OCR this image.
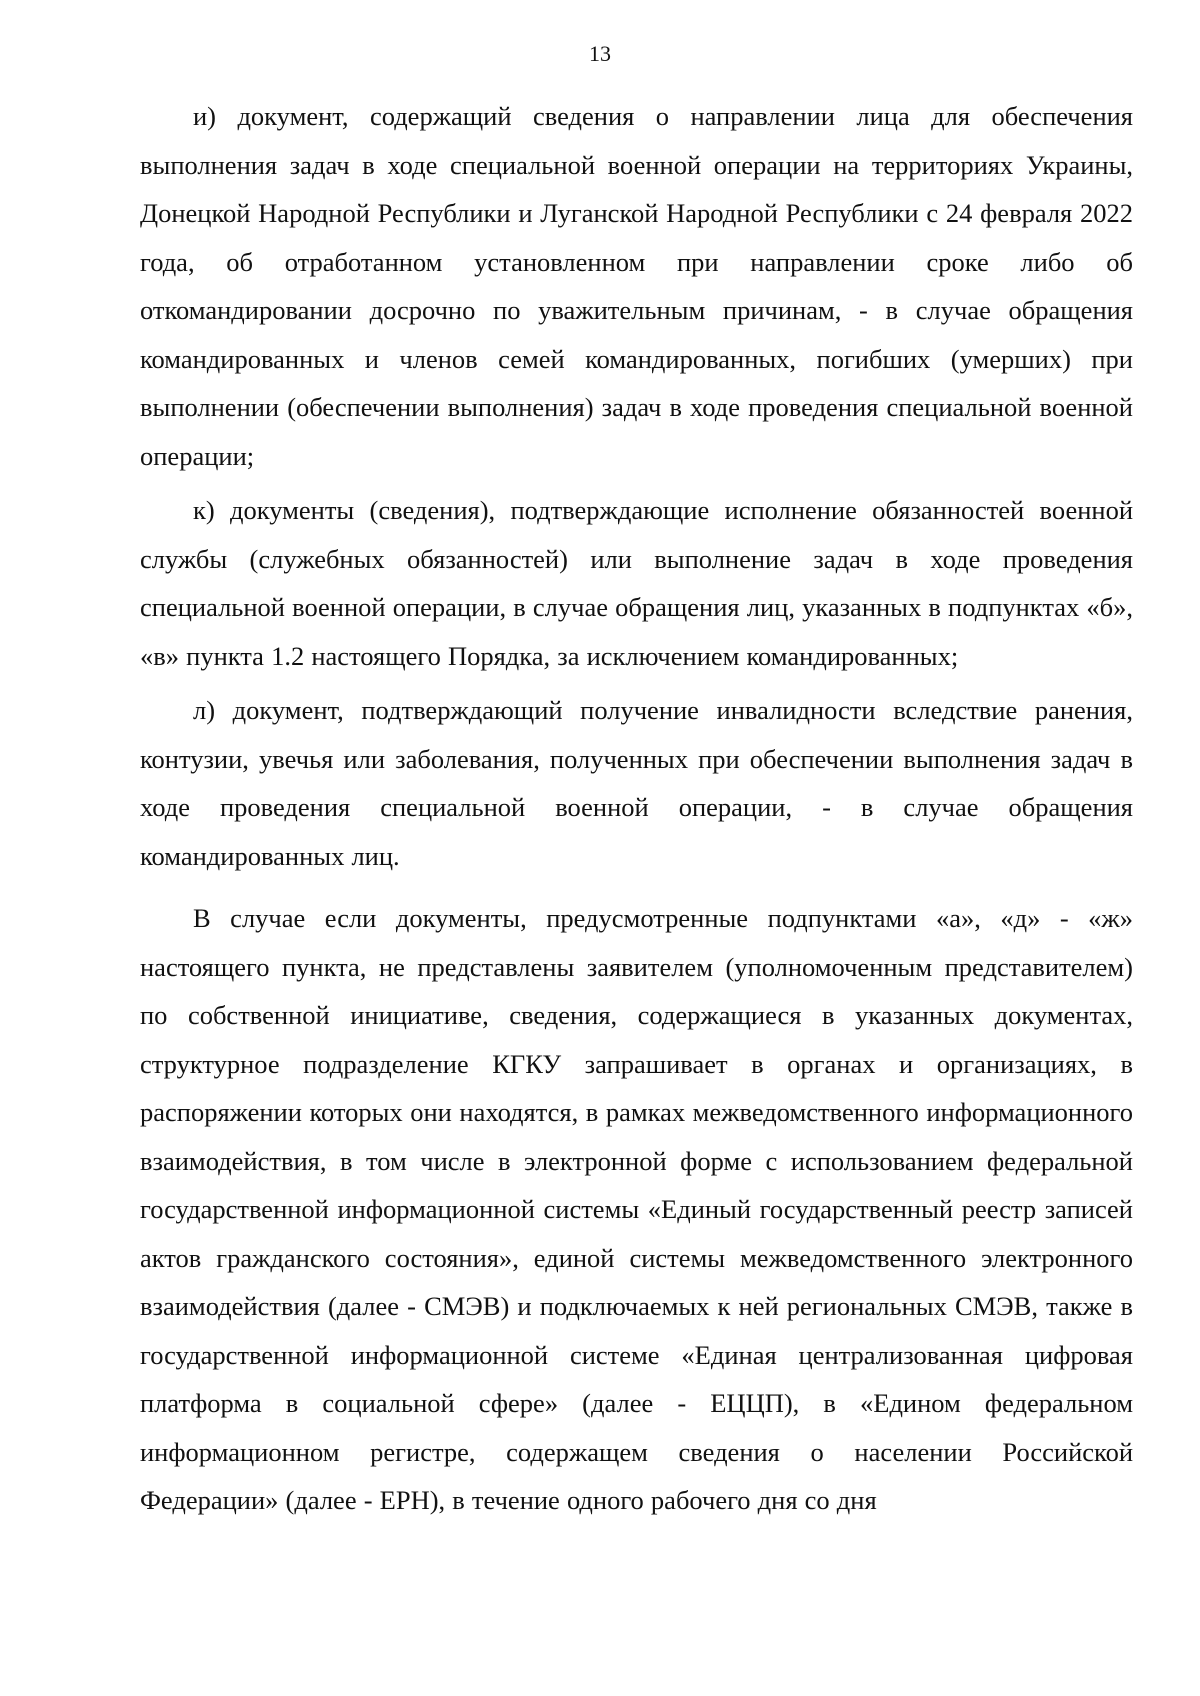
13

и) документ, содержащий сведения о направлении лица для обеспечения выполнения задач в ходе специальной военной операции на территориях Украины, Донецкой Народной Республики и Луганской Народной Республики с 24 февраля 2022 года, об отработанном установленном при направлении сроке либо об откомандировании досрочно по уважительным причинам, - в случае обращения командированных и членов семей командированных, погибших (умерших) при выполнении (обеспечении выполнения) задач в ходе проведения специальной военной операции;

к) документы (сведения), подтверждающие исполнение обязанностей военной службы (служебных обязанностей) или выполнение задач в ходе проведения специальной военной операции, в случае обращения лиц, указанных в подпунктах «б», «в» пункта 1.2 настоящего Порядка, за исключением командированных;

л) документ, подтверждающий получение инвалидности вследствие ранения, контузии, увечья или заболевания, полученных при обеспечении выполнения задач в ходе проведения специальной военной операции, - в случае обращения командированных лиц.

В случае если документы, предусмотренные подпунктами «а», «д» - «ж» настоящего пункта, не представлены заявителем (уполномоченным представителем) по собственной инициативе, сведения, содержащиеся в указанных документах, структурное подразделение КГКУ запрашивает в органах и организациях, в распоряжении которых они находятся, в рамках межведомственного информационного взаимодействия, в том числе в электронной форме с использованием федеральной государственной информационной системы «Единый государственный реестр записей актов гражданского состояния», единой системы межведомственного электронного взаимодействия (далее - СМЭВ) и подключаемых к ней региональных СМЭВ, также в государственной информационной системе «Единая централизованная цифровая платформа в социальной сфере» (далее - ЕЦЦП), в «Едином федеральном информационном регистре, содержащем сведения о населении Российской Федерации» (далее - ЕРН), в течение одного рабочего дня со дня
